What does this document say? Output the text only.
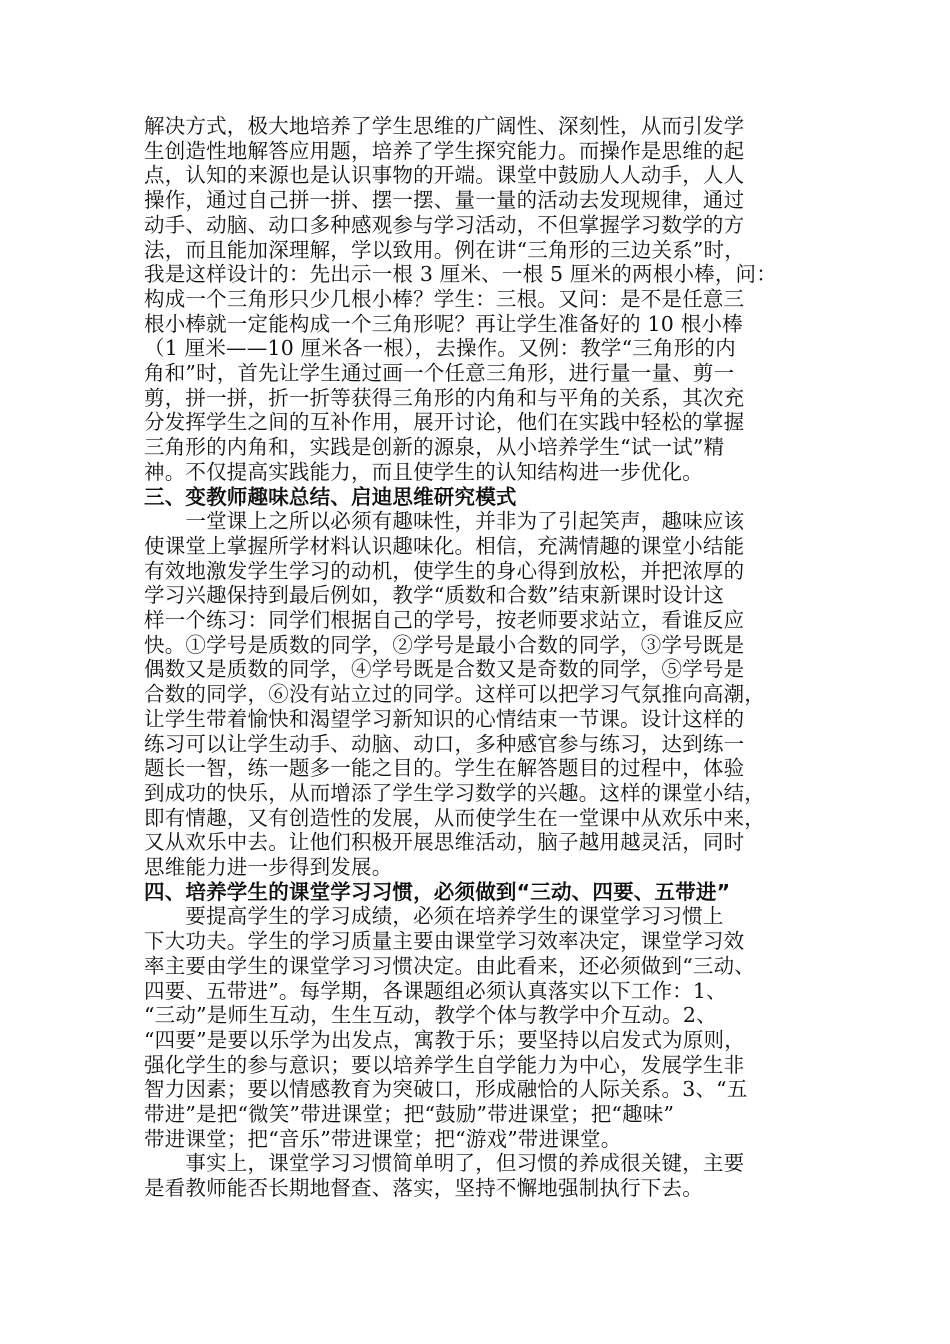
解决方式，极大地培养了学生思维的广阔性、深刻性，从而引发学
生创造性地解答应用题，培养了学生探究能力。而操作是思维的起
点，认知的来源也是认识事物的开端。课堂中鼓励人人动手，人人
操作，通过自己拼一拼、摆一摆、量一量的活动去发现规律，通过
动手、动脑、动口多种感观参与学习活动，不但掌握学习数学的方
法，而且能加深理解，学以致用。例在讲“三角形的三边关系”时，
我是这样设计的：先出示一根 3 厘米、一根 5 厘米的两根小棒，问：
构成一个三角形只少几根小棒？学生：三根。又问：是不是任意三
根小棒就一定能构成一个三角形呢？再让学生准备好的 10 根小棒
（1 厘米——10 厘米各一根），去操作。又例：教学“三角形的内
角和”时，首先让学生通过画一个任意三角形，进行量一量、剪一
剪，拼一拼，折一折等获得三角形的内角和与平角的关系，其次充
分发挥学生之间的互补作用，展开讨论，他们在实践中轻松的掌握
三角形的内角和，实践是创新的源泉，从小培养学生“试一试”精
神。不仅提高实践能力，而且使学生的认知结构进一步优化。
三、变教师趣味总结、启迪思维研究模式
　　一堂课上之所以必须有趣味性，并非为了引起笑声，趣味应该
使课堂上掌握所学材料认识趣味化。相信，充满情趣的课堂小结能
有效地激发学生学习的动机，使学生的身心得到放松，并把浓厚的
学习兴趣保持到最后例如，教学“质数和合数”结束新课时设计这
样一个练习：同学们根据自己的学号，按老师要求站立，看谁反应
快。①学号是质数的同学，②学号是最小合数的同学，③学号既是
偶数又是质数的同学，④学号既是合数又是奇数的同学，⑤学号是
合数的同学，⑥没有站立过的同学。这样可以把学习气氛推向高潮，
让学生带着愉快和渴望学习新知识的心情结束一节课。设计这样的
练习可以让学生动手、动脑、动口，多种感官参与练习，达到练一
题长一智，练一题多一能之目的。学生在解答题目的过程中，体验
到成功的快乐，从而增添了学生学习数学的兴趣。这样的课堂小结，
即有情趣，又有创造性的发展，从而使学生在一堂课中从欢乐中来，
又从欢乐中去。让他们积极开展思维活动，脑子越用越灵活，同时
思维能力进一步得到发展。
四、培养学生的课堂学习习惯，必须做到“三动、四要、五带进”
　　要提高学生的学习成绩，必须在培养学生的课堂学习习惯上
下大功夫。学生的学习质量主要由课堂学习效率决定，课堂学习效
率主要由学生的课堂学习习惯决定。由此看来，还必须做到“三动、
四要、五带进”。每学期，各课题组必须认真落实以下工作：1、
“三动”是师生互动，生生互动，教学个体与教学中介互动。2、
“四要”是要以乐学为出发点，寓教于乐；要坚持以启发式为原则，
强化学生的参与意识；要以培养学生自学能力为中心，发展学生非
智力因素；要以情感教育为突破口，形成融恰的人际关系。3、“五
带进”是把“微笑”带进课堂；把“鼓励”带进课堂；把“趣味”
带进课堂；把“音乐”带进课堂；把“游戏”带进课堂。
　　事实上，课堂学习习惯简单明了，但习惯的养成很关键，主要
是看教师能否长期地督查、落实，坚持不懈地强制执行下去。
